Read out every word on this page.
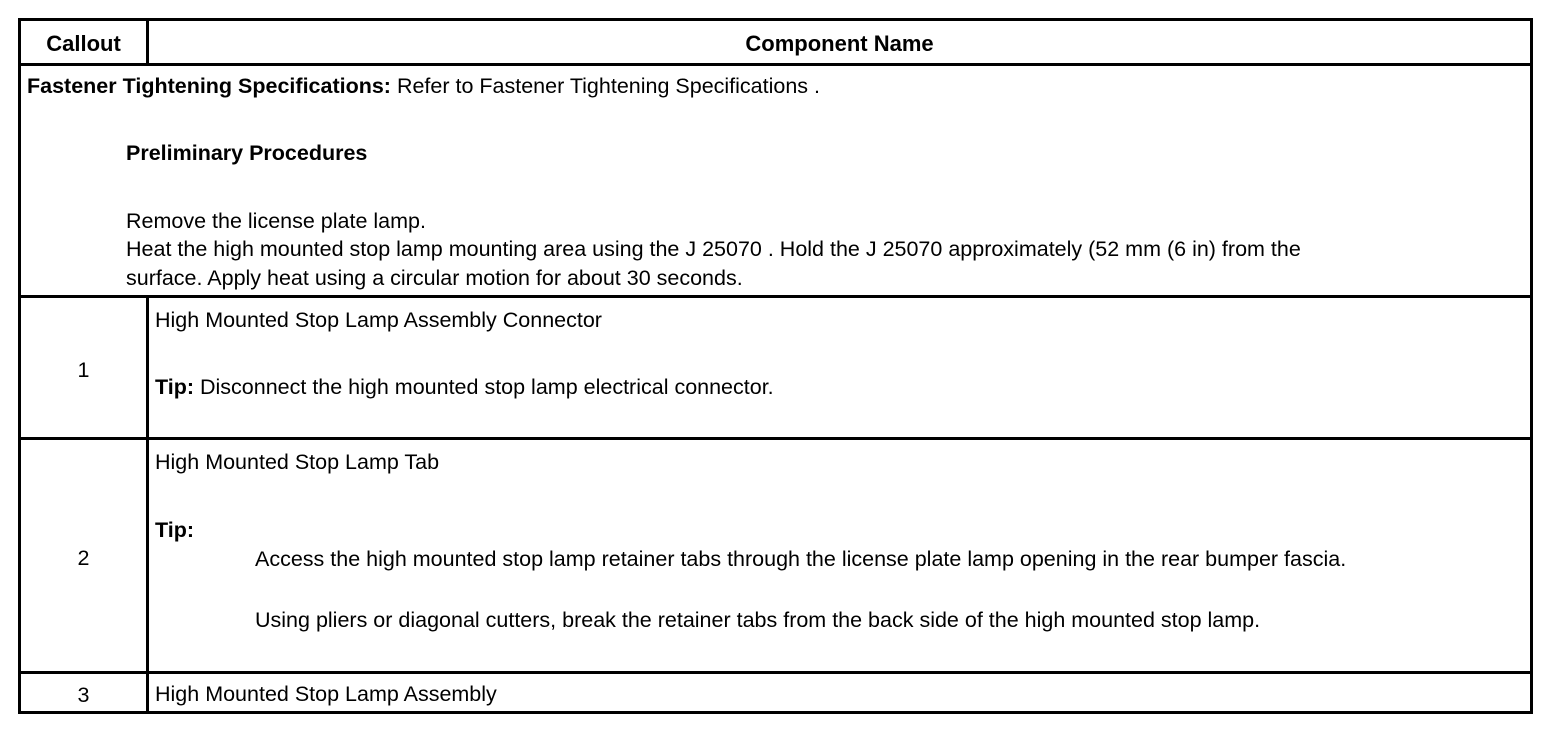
Callout	Component Name
Fastener Tightening Specifications: Refer to Fastener Tightening Specifications .
Preliminary Procedures
Remove the license plate lamp.
Heat the high mounted stop lamp mounting area using the J 25070 . Hold the J 25070 approximately (52 mm (6 in) from the
surface. Apply heat using a circular motion for about 30 seconds.
1
High Mounted Stop Lamp Assembly Connector
Tip: Disconnect the high mounted stop lamp electrical connector.
2
High Mounted Stop Lamp Tab
Tip:
Access the high mounted stop lamp retainer tabs through the license plate lamp opening in the rear bumper fascia.
Using pliers or diagonal cutters, break the retainer tabs from the back side of the high mounted stop lamp.
3	High Mounted Stop Lamp Assembly
